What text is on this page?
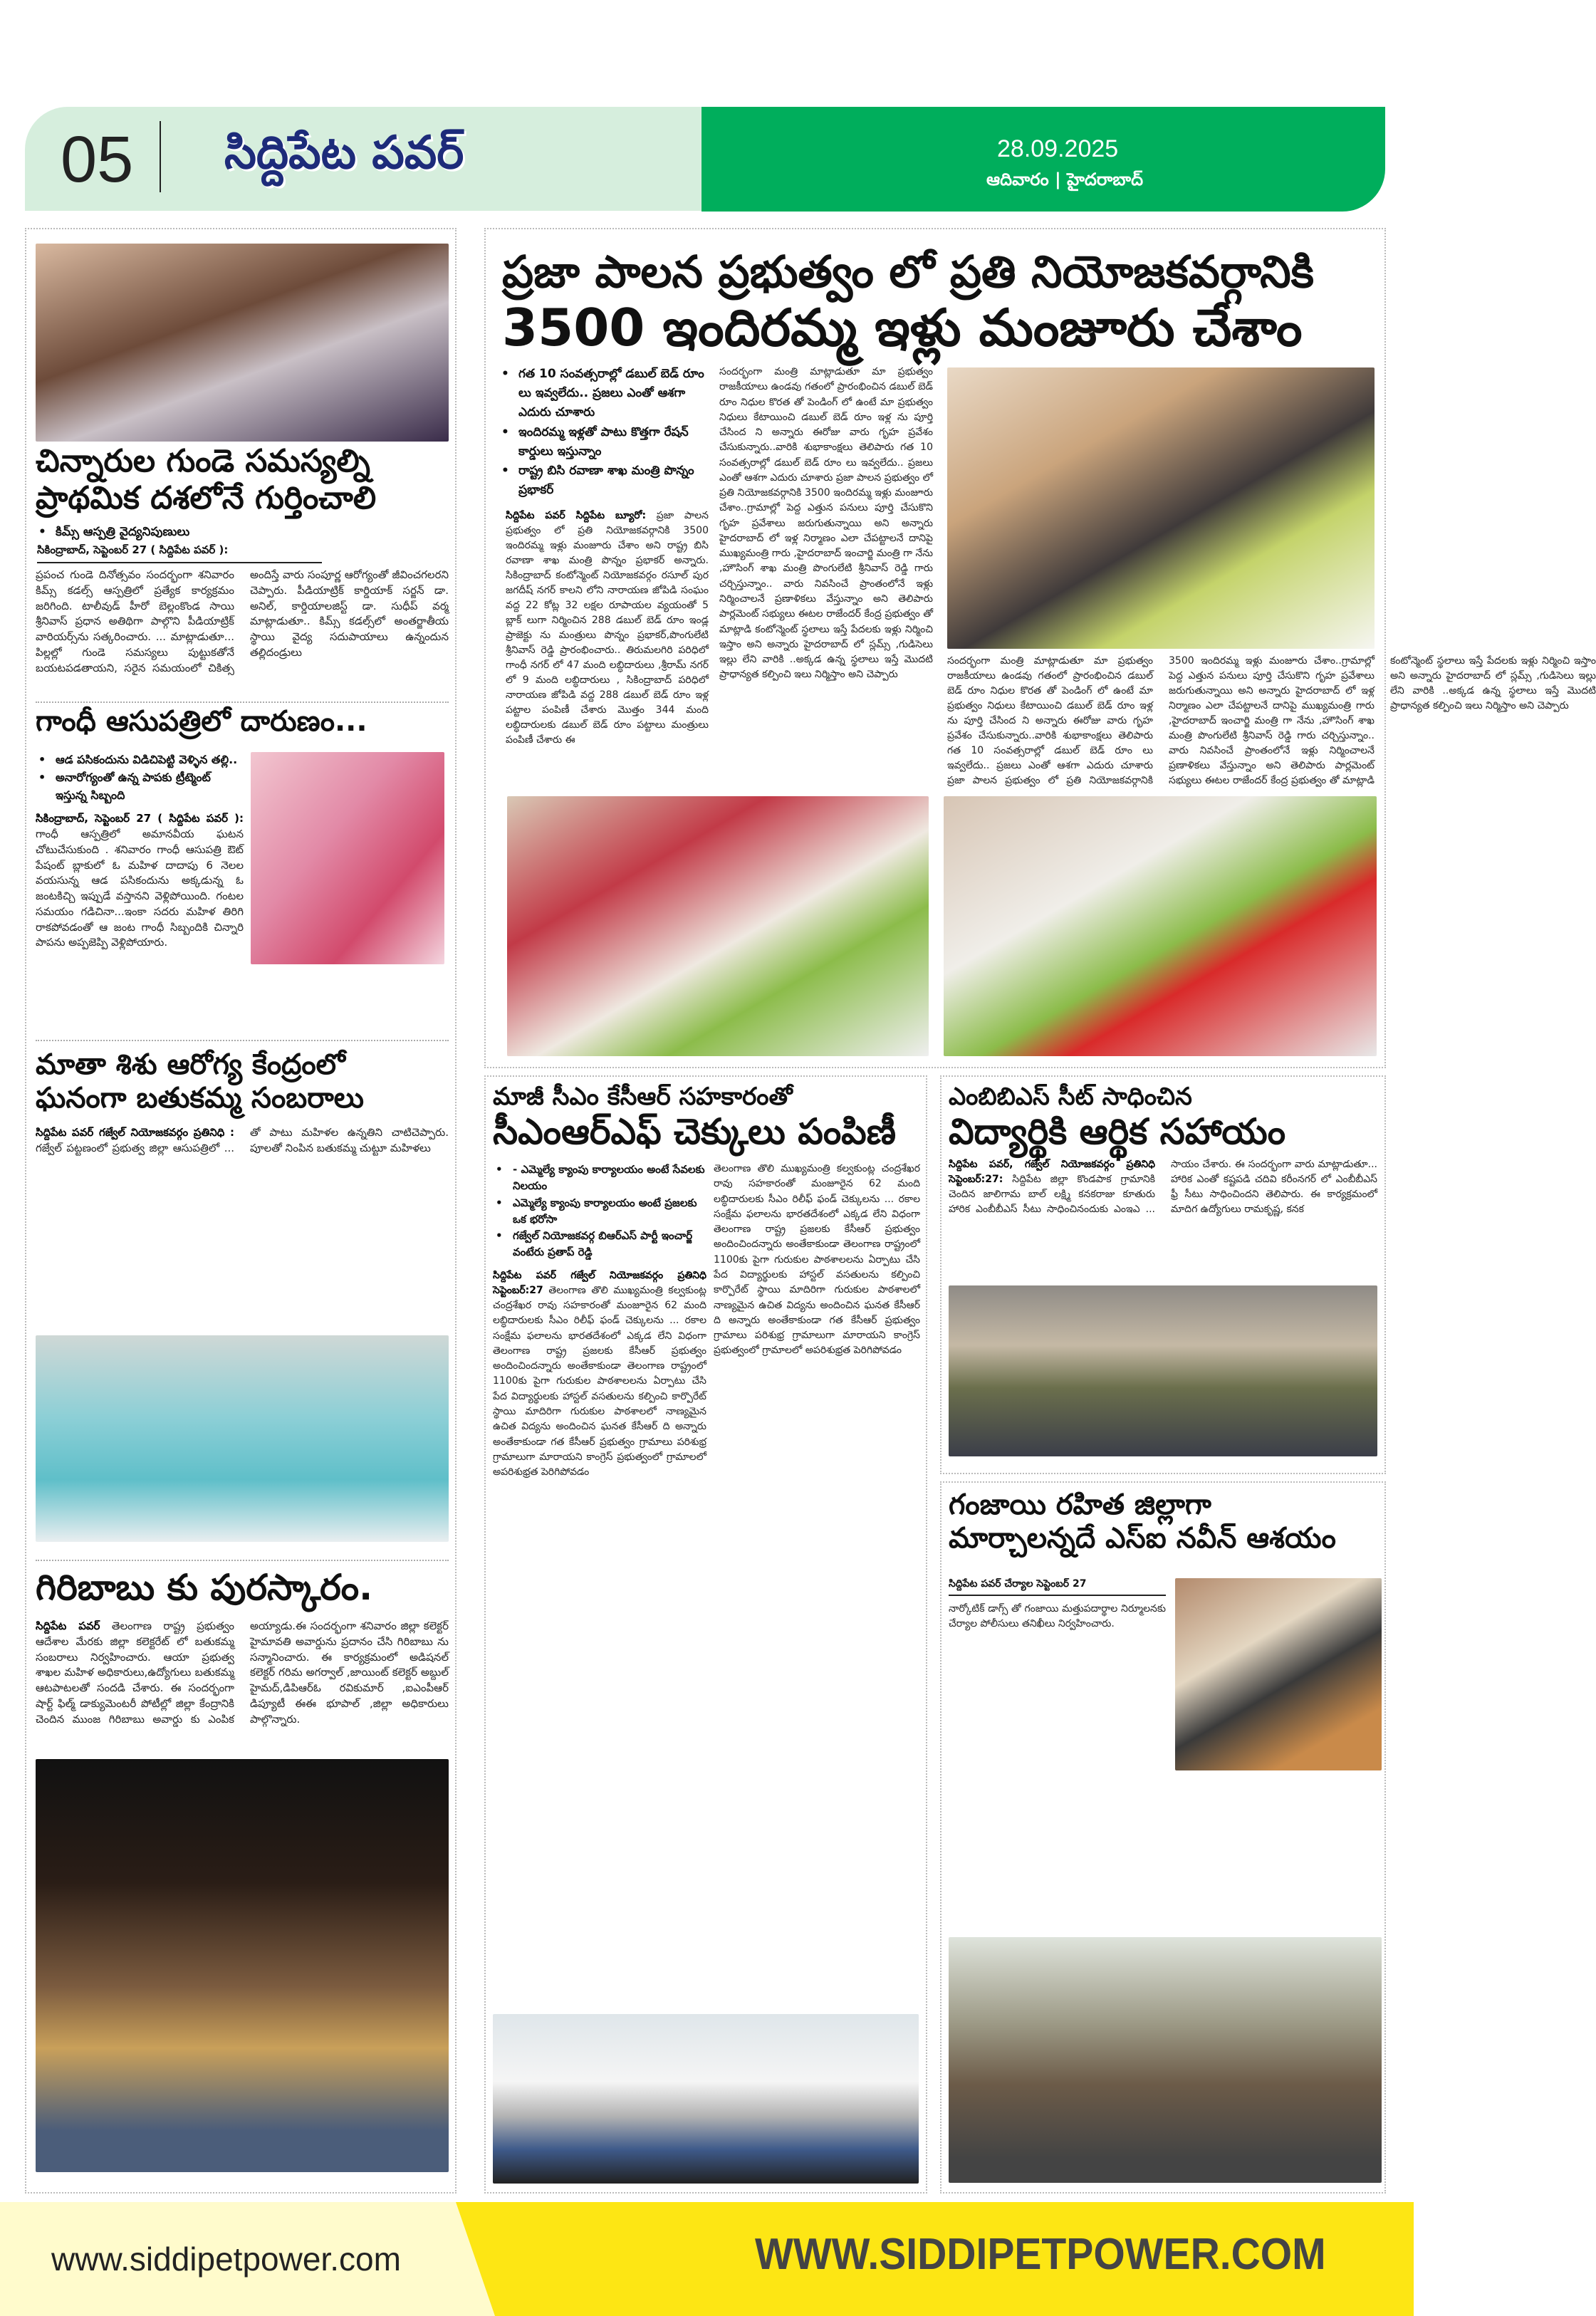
05 సిద్దిపేట పవర్	28.09.2025
ఆదివారం | హైదరాబాద్
చిన్నారుల గుండె సమస్యల్ని
ప్రాథమిక దశలోనే గుర్తించాలి
• కిమ్స్ ఆస్పత్రి వైద్యనిపుణులు
సికింద్రాబాద్, సెప్టెంబర్ 27 ( సిద్దిపేట పవర్ ):
ప్రపంచ గుండె దినోత్సవం సందర్భంగా శనివారం కిమ్స్ కడల్స్ ఆస్పత్రిలో ప్రత్యేక కార్యక్రమం జరిగింది. టాలీవుడ్ హీరో బెల్లంకొండ సాయి శ్రీనివాస్ ప్రధాన అతిథిగా పాల్గొని పీడియాట్రిక్ వారియర్స్‌ను సత్కరించారు. ... మాట్లాడుతూ... పిల్లల్లో గుండె సమస్యలు పుట్టుకతోనే బయటపడతాయని, సరైన సమయంలో చికిత్స అందిస్తే వారు సంపూర్ణ ఆరోగ్యంతో జీవించగలరని చెప్పారు. పీడియాట్రిక్ కార్డియాక్ సర్జన్ డా. అనిల్, కార్డియాలజిస్ట్ డా. సుధీప్ వర్మ మాట్లాడుతూ.. కిమ్స్ కడల్స్‌లో అంతర్జాతీయ స్థాయి వైద్య సదుపాయాలు ఉన్నందున తల్లిదండ్రులు
గాంధీ ఆసుపత్రిలో దారుణం...
• ఆడ పసికందును విడిచిపెట్టి వెళ్ళిన తల్లి..
• అనారోగ్యంతో ఉన్న పాపకు ట్రీట్మెంట్ ఇస్తున్న సిబ్బంది
సికింద్రాబాద్, సెప్టెంబర్ 27 ( సిద్దిపేట పవర్ ): గాంధీ ఆస్పత్రిలో అమానవీయ ఘటన చోటుచేసుకుంది . శనివారం గాంధీ ఆసుపత్రి ఔట్ పేషంట్ బ్లాకులో ఓ మహిళ దాదాపు 6 నెలల వయసున్న ఆడ పసికందును అక్కడున్న ఓ జంటకిచ్చి ఇప్పుడే వస్తానని వెళ్లిపోయింది. గంటల సమయం గడిచినా...ఇంకా సదరు మహిళ తిరిగి రాకపోవడంతో ఆ జంట గాంధీ సిబ్బందికి చిన్నారి పాపను అప్పజెప్పి వెళ్లిపోయారు.
మాతా శిశు ఆరోగ్య కేంద్రంలో
ఘనంగా బతుకమ్మ సంబరాలు
సిద్దిపేట పవర్ గజ్వేల్ నియోజకవర్గం ప్రతినిధి : గజ్వేల్ పట్టణంలో ప్రభుత్వ జిల్లా ఆసుపత్రిలో ... తో పాటు మహిళల ఉన్నతిని చాటిచెప్పారు. పూలతో నింపిన బతుకమ్మ చుట్టూ మహిళలు
గిరిబాబు కు పురస్కారం.
సిద్దిపేట పవర్ తెలంగాణ రాష్ట్ర ప్రభుత్వం ఆదేశాల మేరకు జిల్లా కలెక్టరేట్ లో బతుకమ్మ సంబరాలు నిర్వహించారు. ఆయా ప్రభుత్వ శాఖల మహిళ అధికారులు,ఉద్యోగులు బతుకమ్మ ఆటపాటలతో సందడి చేశారు. ఈ సందర్భంగా షార్ట్ ఫిల్మ్ డాక్యుమెంటరీ పోటీల్లో జిల్లా కేంద్రానికి చెందిన ముంజ గిరిబాబు అవార్డు కు ఎంపిక అయ్యాడు.ఈ సందర్భంగా శనివారం జిల్లా కలెక్టర్ హైమావతి అవార్డును ప్రదానం చేసి గిరిబాబు ను సన్మానించారు. ఈ కార్యక్రమంలో అడిషనల్ కలెక్టర్ గరిమ అగర్వాల్ ,జాయింట్ కలెక్టర్ అబ్దుల్ హైమద్,డిపిఆర్ఓ రవికుమార్ ,ఐఎంపీఆర్ డిప్యూటీ ఈఈ భూపాల్ ,జిల్లా అధికారులు పాల్గొన్నారు.
ప్రజా పాలన ప్రభుత్వం లో ప్రతి నియోజకవర్గానికి
3500 ఇందిరమ్మ ఇళ్లు మంజూరు చేశాం
• గత 10 సంవత్సరాల్లో డబుల్ బెడ్ రూం లు ఇవ్వలేదు.. ప్రజలు ఎంతో ఆశగా ఎదురు చూశారు
• ఇందిరమ్మ ఇళ్లతో పాటు కొత్తగా రేషన్ కార్డులు ఇస్తున్నాం
• రాష్ట్ర బిసి రవాణా శాఖ మంత్రి పొన్నం ప్రభాకర్
సిద్దిపేట పవర్ సిద్దిపేట బ్యూరో: ప్రజా పాలన ప్రభుత్వం లో ప్రతి నియోజకవర్గానికి 3500 ఇందిరమ్మ ఇళ్లు మంజూరు చేశాం అని రాష్ట్ర బిసి రవాణా శాఖ మంత్రి పొన్నం ప్రభాకర్ అన్నారు. సికింద్రాబాద్ కంటోన్మెంట్ నియోజకవర్గం రసూల్ పుర జగదీష్ నగర్ కాలని లోని నారాయణ జోపిడి సంఘం వద్ద 22 కోట్ల 32 లక్షల రూపాయల వ్యయంతో 5 బ్లాక్ లుగా నిర్మించిన 288 డబుల్ బెడ్ రూం ఇండ్ల ప్రాజెక్టు ను మంత్రులు పొన్నం ప్రభాకర్,పొంగులేటి శ్రీనివాస్ రెడ్డి ప్రారంభించారు.. తిరుమలగిరి పరిధిలో గాంధీ నగర్ లో 47 మంది లబ్ధిదారులు ,శ్రీరామ్ నగర్ లో 9 మంది లబ్ధిదారులు , సికింద్రాబాద్ పరిధిలో నారాయణ జోపిడి వద్ద 288 డబుల్ బెడ్ రూం ఇళ్ల పట్టాల పంపిణీ చేశారు మొత్తం 344 మంది లబ్ధిదారులకు డబుల్ బెడ్ రూం పట్టాలు మంత్రులు పంపిణీ చేశారు ఈ
సందర్భంగా మంత్రి మాట్లాడుతూ మా ప్రభుత్వం రాజకీయాలు ఉండవు గతంలో ప్రారంభించిన డబుల్ బెడ్ రూం నిధుల కొరత తో పెండింగ్ లో ఉంటే మా ప్రభుత్వం నిధులు కేటాయించి డబుల్ బెడ్ రూం ఇళ్ల ను పూర్తి చేసింద ని అన్నారు ఈరోజు వారు గృహ ప్రవేశం చేసుకున్నారు..వారికి శుభాకాంక్షలు తెలిపారు గత 10 సంవత్సరాల్లో డబుల్ బెడ్ రూం లు ఇవ్వలేదు.. ప్రజలు ఎంతో ఆశగా ఎదురు చూశారు ప్రజా పాలన ప్రభుత్వం లో ప్రతి నియోజకవర్గానికి 3500 ఇందిరమ్మ ఇళ్లు మంజూరు చేశాం..గ్రామాల్లో పెద్ద ఎత్తున పనులు పూర్తి చేసుకొని గృహ ప్రవేశాలు జరుగుతున్నాయి అని అన్నారు హైదరాబాద్ లో ఇళ్ల నిర్మాణం ఎలా చేపట్టాలనే దానిపై ముఖ్యమంత్రి గారు ,హైదరాబాద్ ఇంచార్జి మంత్రి గా నేను ,హౌసింగ్ శాఖ మంత్రి పొంగులేటి శ్రీనివాస్ రెడ్డి గారు చర్చిస్తున్నాం.. వారు నివసించే ప్రాంతంలోనే ఇళ్లు నిర్మించాలనే ప్రణాళికలు వేస్తున్నాం అని తెలిపారు పార్లమెంట్ సభ్యులు ఈటల రాజేందర్ కేంద్ర ప్రభుత్వం తో మాట్లాడి కంటోన్మెంట్ స్థలాలు ఇస్తే పేదలకు ఇళ్లు నిర్మించి ఇస్తాం అని అన్నారు హైదరాబాద్ లో స్లమ్స్ ,గుడిసెలు ఇల్లు లేని వారికి ..అక్కడ ఉన్న స్థలాలు ఇస్తే మొదటి ప్రాధాన్యత కల్పించి ఇలు నిర్మిస్తాం అని చెప్పారు
సందర్భంగా మంత్రి మాట్లాడుతూ మా ప్రభుత్వం రాజకీయాలు ఉండవు గతంలో ప్రారంభించిన డబుల్ బెడ్ రూం నిధుల కొరత తో పెండింగ్ లో ఉంటే మా ప్రభుత్వం నిధులు కేటాయించి డబుల్ బెడ్ రూం ఇళ్ల ను పూర్తి చేసింద ని అన్నారు ఈరోజు వారు గృహ ప్రవేశం చేసుకున్నారు..వారికి శుభాకాంక్షలు తెలిపారు గత 10 సంవత్సరాల్లో డబుల్ బెడ్ రూం లు ఇవ్వలేదు.. ప్రజలు ఎంతో ఆశగా ఎదురు చూశారు ప్రజా పాలన ప్రభుత్వం లో ప్రతి నియోజకవర్గానికి 3500 ఇందిరమ్మ ఇళ్లు మంజూరు చేశాం..గ్రామాల్లో పెద్ద ఎత్తున పనులు పూర్తి చేసుకొని గృహ ప్రవేశాలు జరుగుతున్నాయి అని అన్నారు హైదరాబాద్ లో ఇళ్ల నిర్మాణం ఎలా చేపట్టాలనే దానిపై ముఖ్యమంత్రి గారు ,హైదరాబాద్ ఇంచార్జి మంత్రి గా నేను ,హౌసింగ్ శాఖ మంత్రి పొంగులేటి శ్రీనివాస్ రెడ్డి గారు చర్చిస్తున్నాం.. వారు నివసించే ప్రాంతంలోనే ఇళ్లు నిర్మించాలనే ప్రణాళికలు వేస్తున్నాం అని తెలిపారు పార్లమెంట్ సభ్యులు ఈటల రాజేందర్ కేంద్ర ప్రభుత్వం తో మాట్లాడి కంటోన్మెంట్ స్థలాలు ఇస్తే పేదలకు ఇళ్లు నిర్మించి ఇస్తాం అని అన్నారు హైదరాబాద్ లో స్లమ్స్ ,గుడిసెలు ఇల్లు లేని వారికి ..అక్కడ ఉన్న స్థలాలు ఇస్తే మొదటి ప్రాధాన్యత కల్పించి ఇలు నిర్మిస్తాం అని చెప్పారు
మాజీ సీఎం కేసీఆర్ సహకారంతో
సీఎంఆర్ఎఫ్ చెక్కులు పంపిణీ
• - ఎమ్మెల్యే క్యాంపు కార్యాలయం అంటే సేవలకు నిలయం
• ఎమ్మెల్యే క్యాంపు కార్యాలయం అంటే ప్రజలకు ఒక భరోసా
• గజ్వేల్ నియోజకవర్గ బిఆర్ఎస్ పార్టీ ఇంచార్జ్ వంటేరు ప్రతాప్ రెడ్డి
సిద్దిపేట పవర్ గజ్వేల్ నియోజకవర్గం ప్రతినిధి సెప్టెంబర్:27 తెలంగాణ తొలి ముఖ్యమంత్రి కల్వకుంట్ల చంద్రశేఖర రావు సహకారంతో మంజూరైన 62 మంది లబ్ధిదారులకు సీఎం రిలీఫ్ ఫండ్ చెక్కులను ... రకాల సంక్షేమ ఫలాలను భారతదేశంలో ఎక్కడ లేని విధంగా తెలంగాణ రాష్ట్ర ప్రజలకు కేసీఆర్ ప్రభుత్వం అందించిందన్నారు అంతేకాకుండా తెలంగాణ రాష్ట్రంలో 1100కు పైగా గురుకుల పాఠశాలలను ఏర్పాటు చేసి పేద విద్యార్థులకు హాస్టల్ వసతులను కల్పించి కార్పొరేట్ స్థాయి మాదిరిగా గురుకుల పాఠశాలలో నాణ్యమైన ఉచిత విద్యను అందించిన ఘనత కేసీఆర్ ది అన్నారు అంతేకాకుండా గత కేసీఆర్ ప్రభుత్వం గ్రామాలు పరిశుభ్ర గ్రామాలుగా మారాయని కాంగ్రెస్ ప్రభుత్వంలో గ్రామాలలో అపరిశుభ్రత పెరిగిపోవడం
తెలంగాణ తొలి ముఖ్యమంత్రి కల్వకుంట్ల చంద్రశేఖర రావు సహకారంతో మంజూరైన 62 మంది లబ్ధిదారులకు సీఎం రిలీఫ్ ఫండ్ చెక్కులను ... రకాల సంక్షేమ ఫలాలను భారతదేశంలో ఎక్కడ లేని విధంగా తెలంగాణ రాష్ట్ర ప్రజలకు కేసీఆర్ ప్రభుత్వం అందించిందన్నారు అంతేకాకుండా తెలంగాణ రాష్ట్రంలో 1100కు పైగా గురుకుల పాఠశాలలను ఏర్పాటు చేసి పేద విద్యార్థులకు హాస్టల్ వసతులను కల్పించి కార్పొరేట్ స్థాయి మాదిరిగా గురుకుల పాఠశాలలో నాణ్యమైన ఉచిత విద్యను అందించిన ఘనత కేసీఆర్ ది అన్నారు అంతేకాకుండా గత కేసీఆర్ ప్రభుత్వం గ్రామాలు పరిశుభ్ర గ్రామాలుగా మారాయని కాంగ్రెస్ ప్రభుత్వంలో గ్రామాలలో అపరిశుభ్రత పెరిగిపోవడం
ఎంబిబిఎస్ సీట్ సాధించిన
విద్యార్థికి ఆర్థిక సహాయం
సిద్దిపేట పవర్, గజ్వేల్ నియోజకవర్గం ప్రతినిధి సెప్టెంబర్:27: సిద్దిపేట జిల్లా కొండపాక గ్రామానికి చెందిన జాలిగామ బాల్ లక్ష్మి కనకరాజు కూతురు హారిక ఎంబీబీఎస్ సీటు సాధించినందుకు ఎంఇఎ ... సాయం చేశారు. ఈ సందర్భంగా వారు మాట్లాడుతూ... హారిక ఎంతో కష్టపడి చదివి కరీంనగర్ లో ఎంబీబీఎస్ ఫ్రీ సీటు సాధించిందని తెలిపారు. ఈ కార్యక్రమంలో మాదిగ ఉద్యోగులు రామకృష్ణ, కనక
గంజాయి రహిత జిల్లాగా
మార్చాలన్నదే ఎస్ఐ నవీన్ ఆశయం
సిద్దిపేట పవర్ చేర్యాల సెప్టెంబర్ 27
నార్కోటిక్ డాగ్స్ తో గంజాయి మత్తుపదార్థాల నిర్మూలనకు చేర్యాల పోలీసులు తనిఖీలు నిర్వహించారు.
www.siddipetpower.com	WWW.SIDDIPETPOWER.COM
